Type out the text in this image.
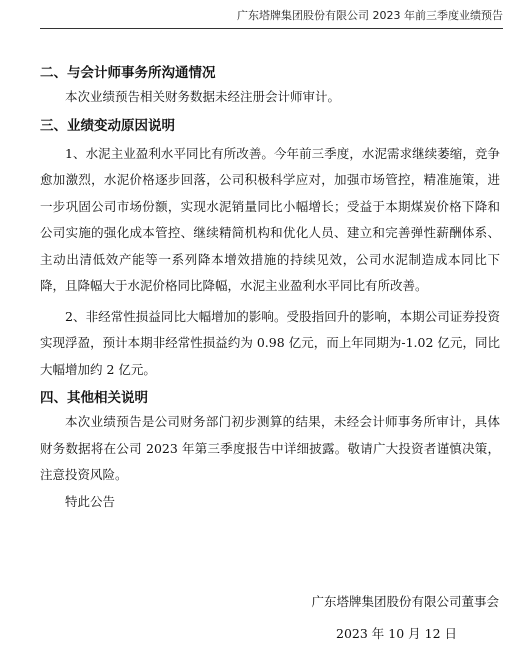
广东塔牌集团股份有限公司 2023 年前三季度业绩预告
二、与会计师事务所沟通情况

本次业绩预告相关财务数据未经注册会计师审计。

三、业绩变动原因说明

1、水泥主业盈利水平同比有所改善。今年前三季度，水泥需求继续萎缩，竞争愈加激烈，水泥价格逐步回落，公司积极科学应对，加强市场管控，精准施策，进一步巩固公司市场份额，实现水泥销量同比小幅增长；受益于本期煤炭价格下降和公司实施的强化成本管控、继续精简机构和优化人员、建立和完善弹性薪酬体系、主动出清低效产能等一系列降本增效措施的持续见效，公司水泥制造成本同比下降，且降幅大于水泥价格同比降幅，水泥主业盈利水平同比有所改善。

2、非经常性损益同比大幅增加的影响。受股指回升的影响，本期公司证券投资实现浮盈，预计本期非经常性损益约为 0.98 亿元，而上年同期为-1.02 亿元，同比大幅增加约 2 亿元。

四、其他相关说明

本次业绩预告是公司财务部门初步测算的结果，未经会计师事务所审计，具体财务数据将在公司 2023 年第三季度报告中详细披露。敬请广大投资者谨慎决策，注意投资风险。

特此公告

广东塔牌集团股份有限公司董事会
2023 年 10 月 12 日
